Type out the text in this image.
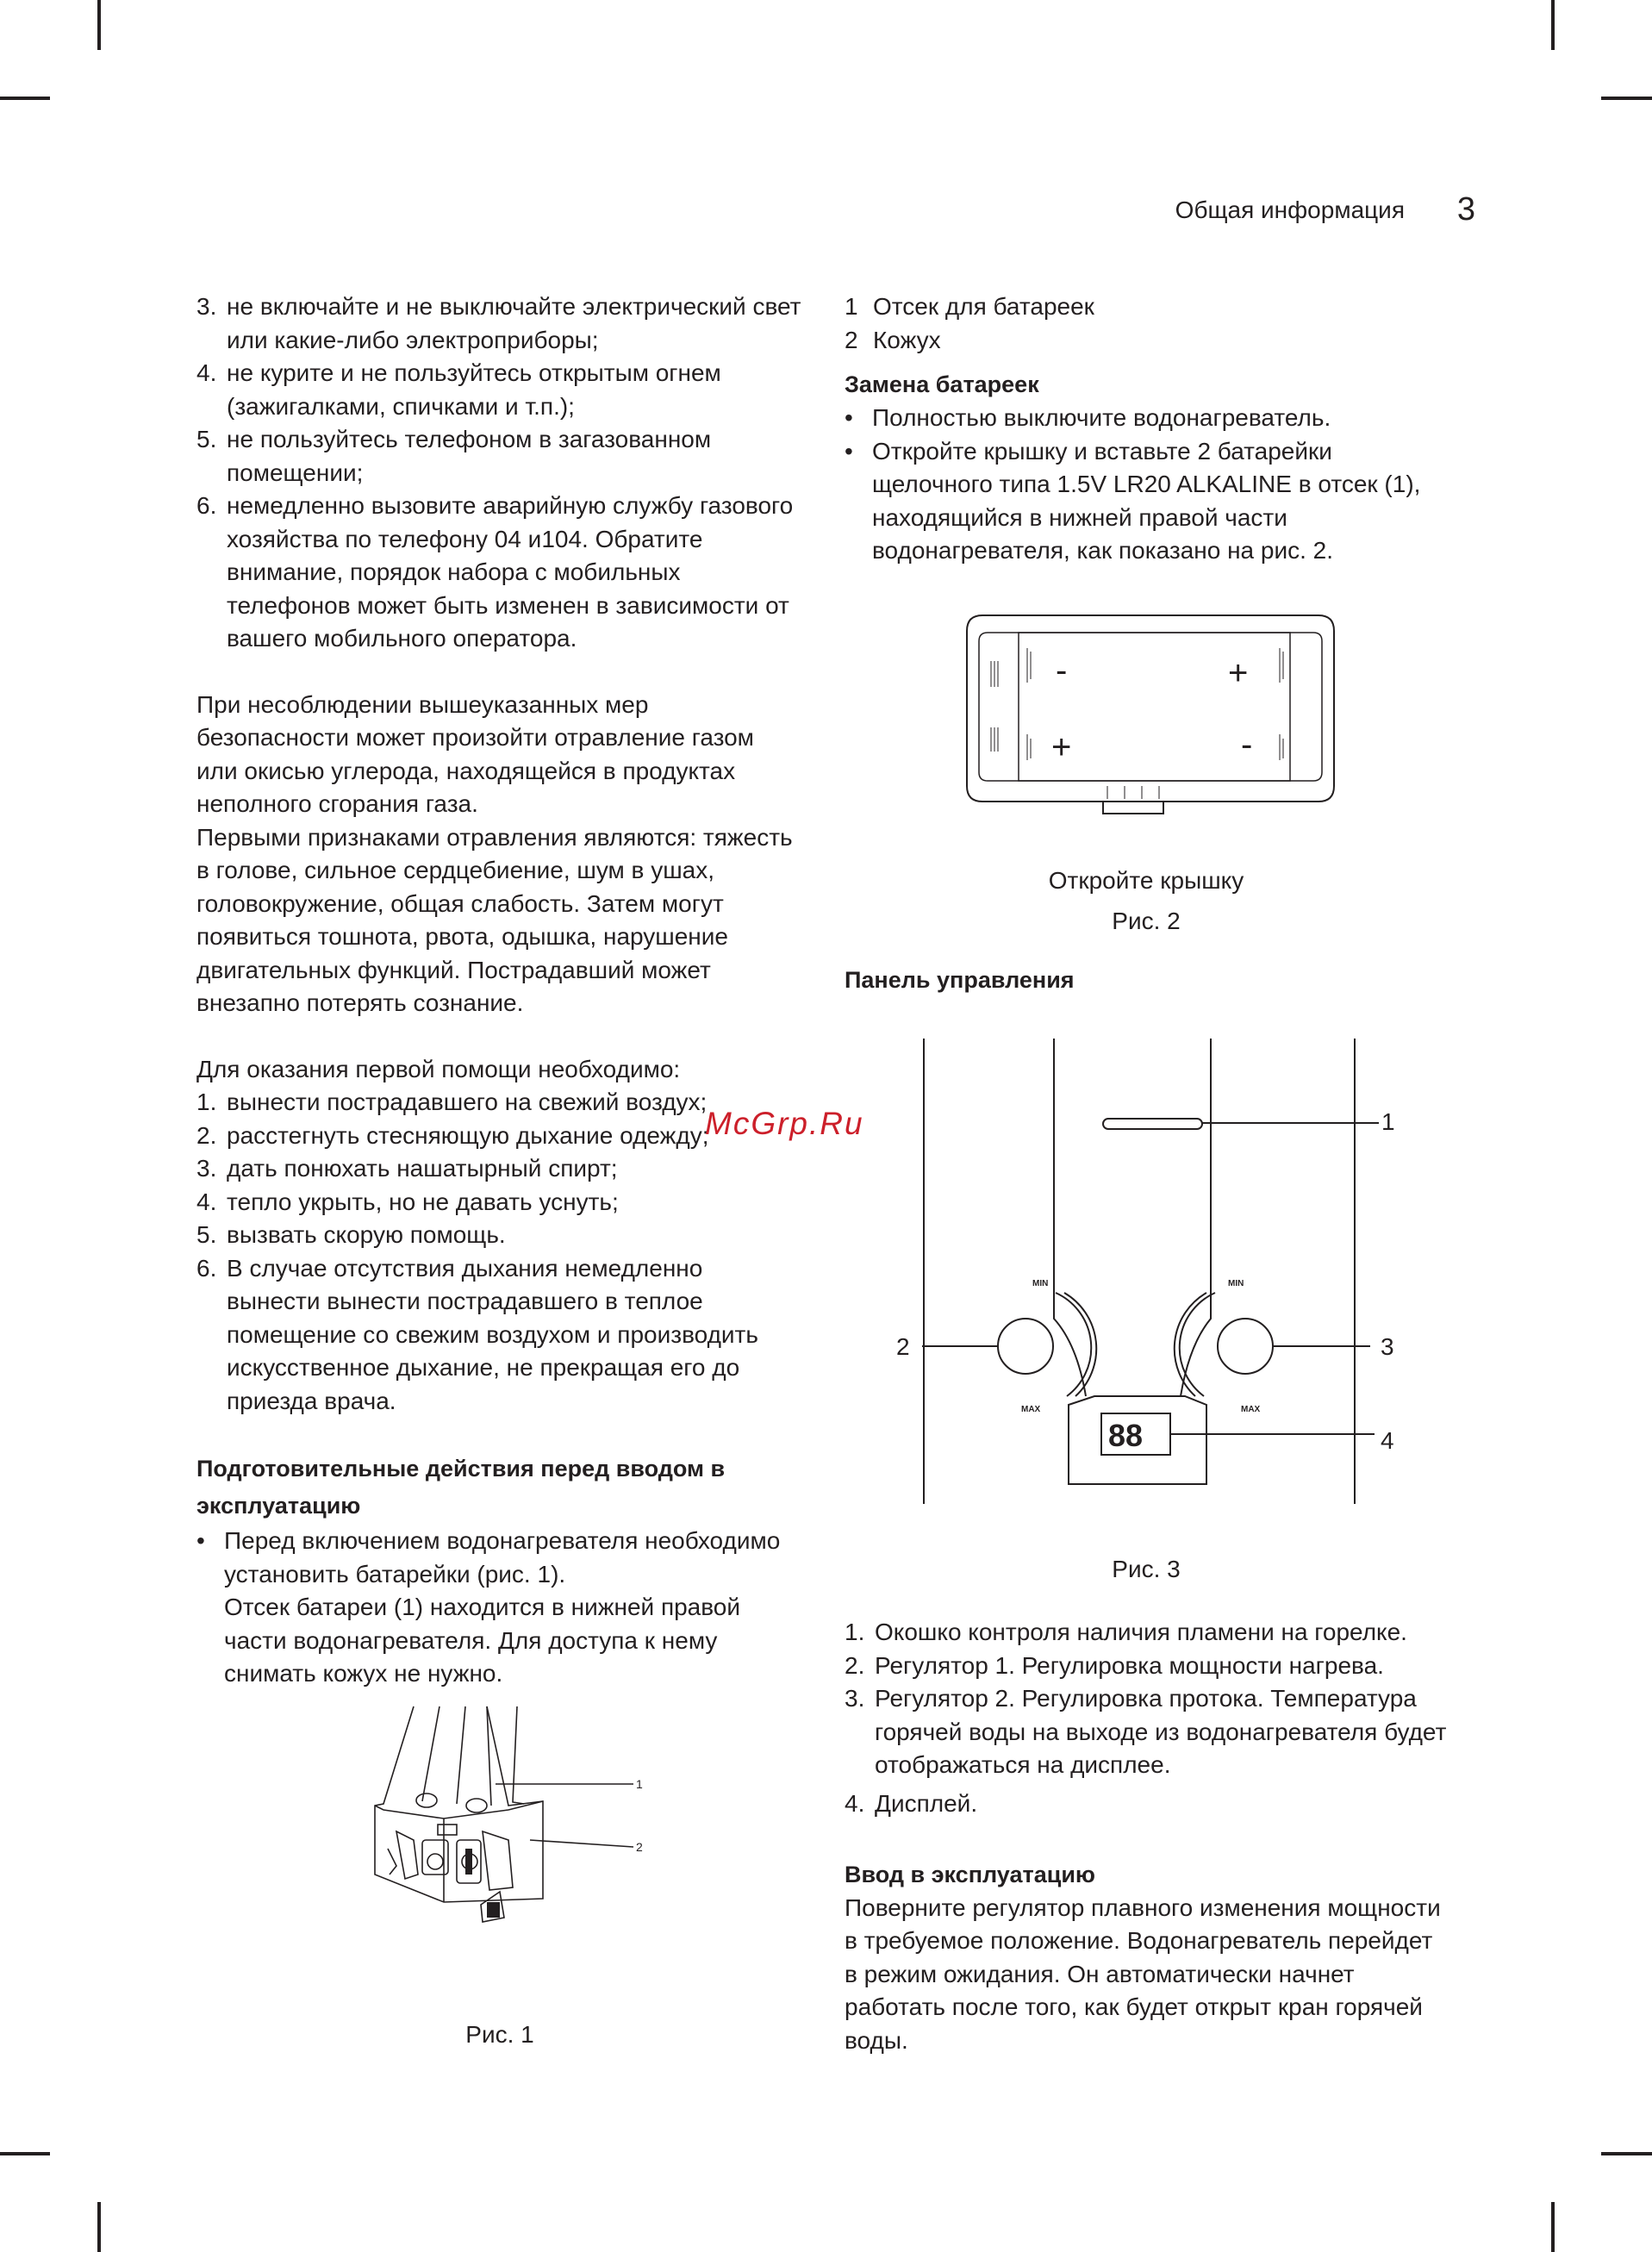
Общая информация 3
3. не включайте и не выключайте электрический свет или какие-либо электроприборы;
4. не курите и не пользуйтесь открытым огнем (зажигалками, спичками и т.п.);
5. не пользуйтесь телефоном в загазованном помещении;
6. немедленно вызовите аварийную службу газового хозяйства по телефону 04 и104. Обратите внимание, порядок набора с мобильных телефонов может быть изменен в зависимости от вашего мобильного оператора.

При несоблюдении вышеуказанных мер безопасности может произойти отравление газом или окисью углерода, находящейся в продуктах неполного сгорания газа.

Первыми признаками отравления являются: тяжесть в голове, сильное сердцебиение, шум в ушах, головокружение, общая слабость. Затем могут появиться тошнота, рвота, одышка, нарушение двигательных функций. Пострадавший может внезапно потерять сознание.

Для оказания первой помощи необходимо:

1. вынести пострадавшего на свежий воздух;
2. расстегнуть стесняющую дыхание одежду;
3. дать понюхать нашатырный спирт;
4. тепло укрыть, но не давать уснуть;
5. вызвать скорую помощь.
6. В случае отсутствия дыхания немедленно вынести вынести пострадавшего в теплое помещение со свежим воздухом и производить искусственное дыхание, не прекращая его до приезда врача.

Подготовительные действия перед вводом в эксплуатацию

• Перед включением водонагревателя необходимо установить батарейки (рис. 1).

Отсек батареи (1) находится в нижней правой части водонагревателя. Для доступа к нему снимать кожух не нужно.

1
2
Рис. 1
1 Отсек для батареек
2 Кожух

Замена батареек

• Полностью выключите водонагреватель.
• Откройте крышку и вставьте 2 батарейки щелочного типа 1.5V LR20 ALKALINE в отсек (1), находящийся в нижней правой части водонагревателя, как показано на рис. 2.
-	+
+	-
Откройте крышку
Рис. 2
Панель управления
88
MIN
MAX
MIN
MAX
1
2	3
4
Рис. 3
1. Окошко контроля наличия пламени на горелке.
2. Регулятор 1. Регулировка мощности нагрева.
3. Регулятор 2. Регулировка протока. Температура горячей воды на выходе из водонагревателя будет отображаться на дисплее.
4. Дисплей.

Ввод в эксплуатацию

Поверните регулятор плавного изменения мощности в требуемое положение. Водонагреватель перейдет в режим ожидания. Он автоматически начнет работать после того, как будет открыт кран горячей воды.

McGrp.Ru
